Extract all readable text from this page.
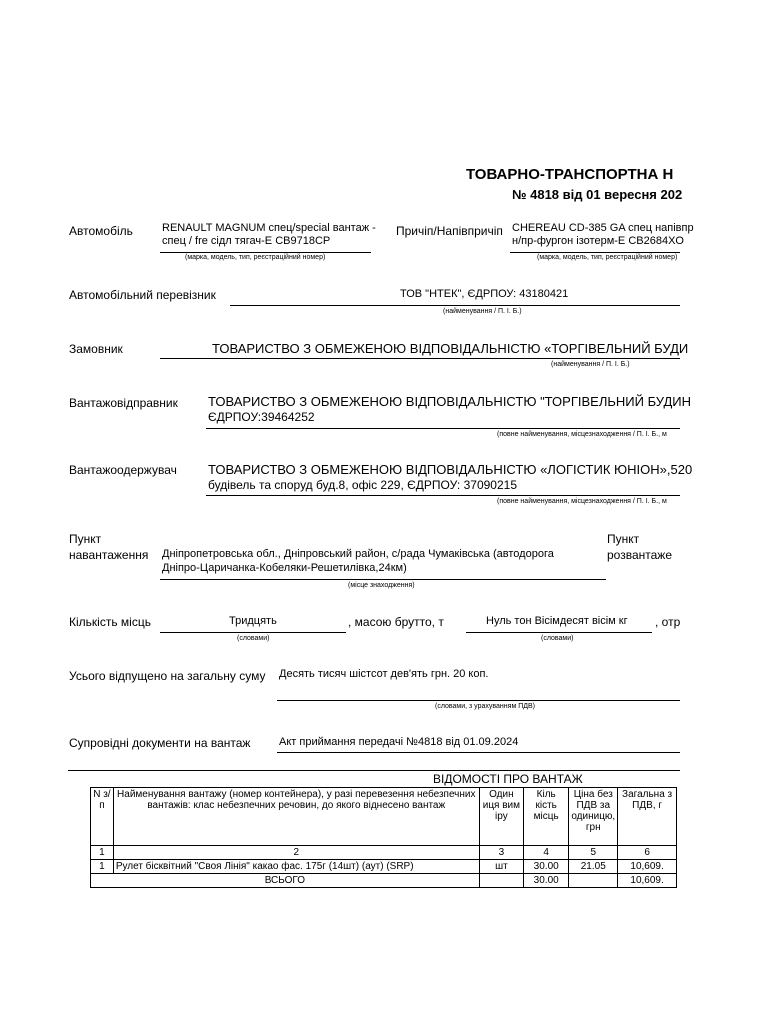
ТОВАРНО-ТРАНСПОРТНА Н
№ 4818 від 01 вересня 202
Автомобіль	RENAULT MAGNUM спец/special вантаж -
спец / fre сідл тягач-E CB9718CP
(марка, модель, тип, реєстраційний номер)
Причіп/Напівпричіп CHEREAU CD-385 GA спец напівпр
н/пр-фургон ізотерм-E CB2684XO
(марка, модель, тип, реєстраційний номер)
Автомобільний перевізник	ТОВ "НТЕК", ЄДРПОУ: 43180421
(найменування / П. І. Б.)
Замовник	ТОВАРИСТВО З ОБМЕЖЕНОЮ ВІДПОВІДАЛЬНІСТЮ «ТОРГІВЕЛЬНИЙ БУДИ
(найменування / П. І. Б.)
Вантажовідправник ТОВАРИСТВО З ОБМЕЖЕНОЮ ВІДПОВІДАЛЬНІСТЮ "ТОРГІВЕЛЬНИЙ БУДИН
ЄДРПОУ:39464252
(повне найменування, місцезнаходження / П. І. Б., м
Вантажоодержувач ТОВАРИСТВО З ОБМЕЖЕНОЮ ВІДПОВІДАЛЬНІСТЮ «ЛОГІСТИК ЮНІОН»,520
будівель та споруд буд.8, офіс 229, ЄДРПОУ: 37090215
(повне найменування, місцезнаходження / П. І. Б., м
Пункт
навантаження Дніпропетровська обл., Дніпровський район, с/рада Чумаківська (автодорога
Дніпро-Царичанка-Кобеляки-Решетилівка,24км)
(місце знаходження)
Пункт
розвантаже
Кількість місць	Тридцять
(словами)
, масою брутто, т	Нуль тон Вісімдесят вісім кг
(словами)
, отр
Усього відпущено на загальну суму Десять тисяч шістсот дев'ять грн. 20 коп.
(словами, з урахуванням ПДВ)
Супровідні документи на вантаж	Акт приймання передачі №4818 від 01.09.2024
ВІДОМОСТІ ПРО ВАНТАЖ
N з/п	Найменування вантажу (номер контейнера), у разі перевезення небезпечних вантажів: клас небезпечних речовин, до якого віднесено вантаж	Один иця вим іру	Кіль кість місць	Ціна без ПДВ за одиницю, грн	Загальна з ПДВ, г
1	2	3	4	5	6
1	Рулет бісквітний "Своя Лінія" какао фас. 175г (14шт) (аут) (SRP)	шт	30.00	21.05	10,609.
ВСЬОГО			30.00		10,609.
